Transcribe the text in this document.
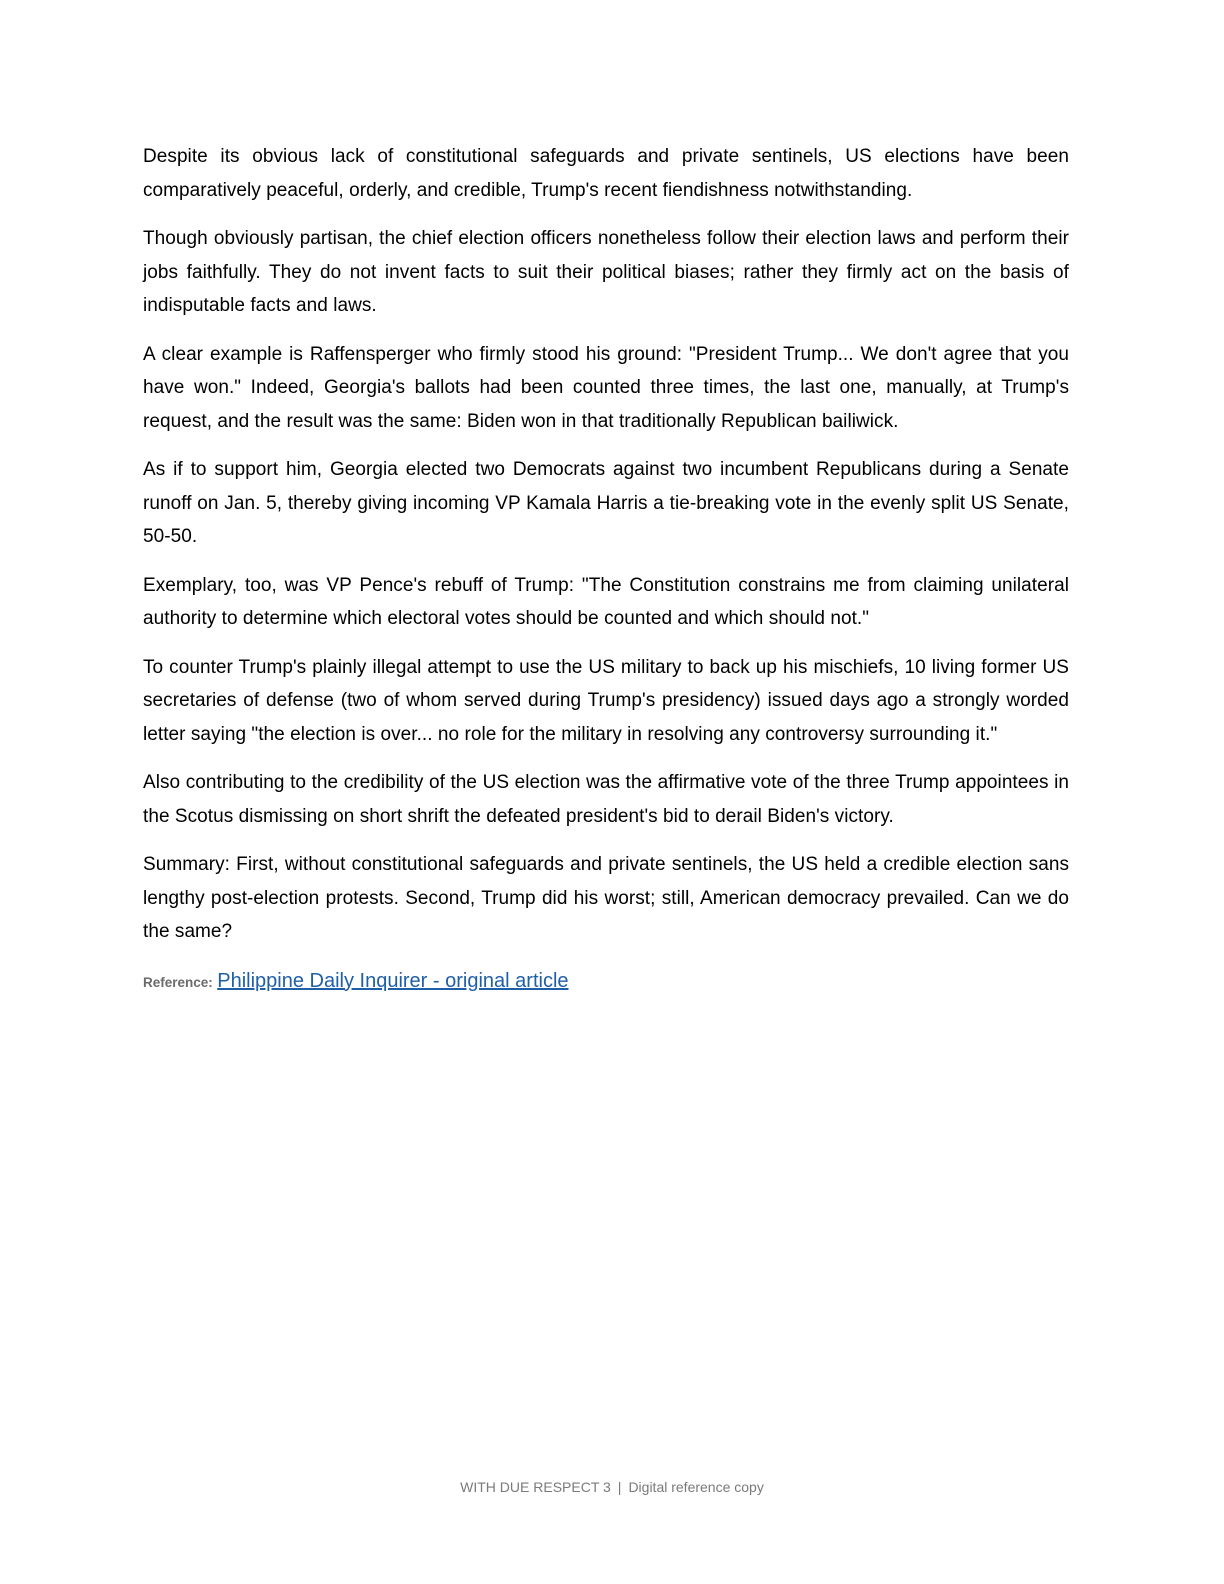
Despite its obvious lack of constitutional safeguards and private sentinels, US elections have been comparatively peaceful, orderly, and credible, Trump's recent fiendishness notwithstanding.

Though obviously partisan, the chief election officers nonetheless follow their election laws and perform their jobs faithfully. They do not invent facts to suit their political biases; rather they firmly act on the basis of indisputable facts and laws.

A clear example is Raffensperger who firmly stood his ground: "President Trump... We don't agree that you have won." Indeed, Georgia's ballots had been counted three times, the last one, manually, at Trump's request, and the result was the same: Biden won in that traditionally Republican bailiwick.

As if to support him, Georgia elected two Democrats against two incumbent Republicans during a Senate runoff on Jan. 5, thereby giving incoming VP Kamala Harris a tie-breaking vote in the evenly split US Senate, 50-50.

Exemplary, too, was VP Pence's rebuff of Trump: "The Constitution constrains me from claiming unilateral authority to determine which electoral votes should be counted and which should not."

To counter Trump's plainly illegal attempt to use the US military to back up his mischiefs, 10 living former US secretaries of defense (two of whom served during Trump's presidency) issued days ago a strongly worded letter saying "the election is over... no role for the military in resolving any controversy surrounding it."

Also contributing to the credibility of the US election was the affirmative vote of the three Trump appointees in the Scotus dismissing on short shrift the defeated president's bid to derail Biden's victory.

Summary: First, without constitutional safeguards and private sentinels, the US held a credible election sans lengthy post-election protests. Second, Trump did his worst; still, American democracy prevailed. Can we do the same?

Reference: Philippine Daily Inquirer - original article
WITH DUE RESPECT 3 | Digital reference copy
